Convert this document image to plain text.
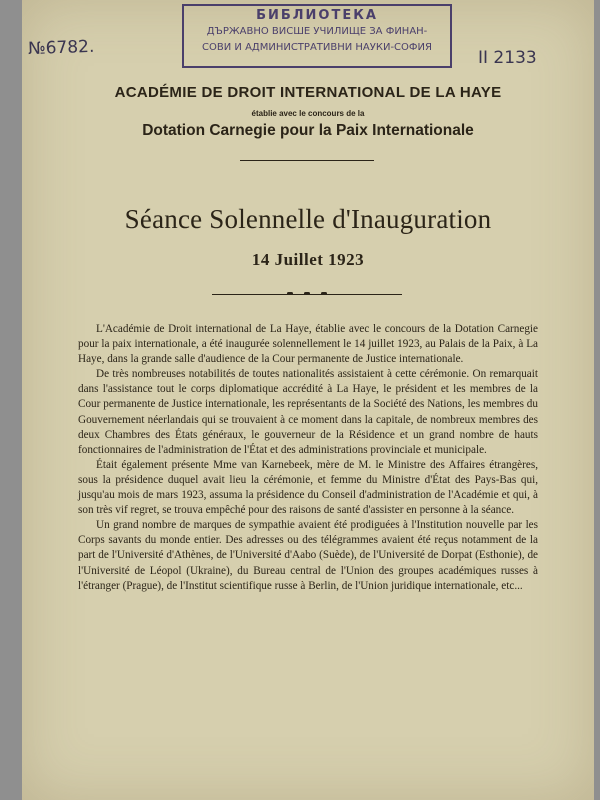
БИБЛИОТЕКА
ДЪРЖАВНО ВИСШЕ УЧИЛИЩЕ ЗА ФИНАН-
СОВИ И АДМИНИСТРАТИВНИ НАУКИ-СОФИЯ
№6782.	II 2133
ACADÉMIE DE DROIT INTERNATIONAL DE LA HAYE
établie avec le concours de la
Dotation Carnegie pour la Paix Internationale
Séance Solennelle d'Inauguration
14 Juillet 1923

L'Académie de Droit international de La Haye, établie avec le concours de la Dotation Carnegie pour la paix internationale, a été inaugurée solennellement le 14 juillet 1923, au Palais de la Paix, à La Haye, dans la grande salle d'audience de la Cour permanente de Justice internationale.

De très nombreuses notabilités de toutes nationalités assistaient à cette cérémonie. On remarquait dans l'assistance tout le corps diplomatique accrédité à La Haye, le président et les membres de la Cour permanente de Justice internationale, les représentants de la Société des Nations, les membres du Gouvernement néerlandais qui se trouvaient à ce moment dans la capitale, de nombreux membres des deux Chambres des États généraux, le gouverneur de la Résidence et un grand nombre de hauts fonctionnaires de l'administration de l'État et des administrations provinciale et municipale.

Était également présente Mme van Karnebeek, mère de M. le Ministre des Affaires étrangères, sous la présidence duquel avait lieu la cérémonie, et femme du Ministre d'État des Pays-Bas qui, jusqu'au mois de mars 1923, assuma la présidence du Conseil d'administration de l'Académie et qui, à son très vif regret, se trouva empêché pour des raisons de santé d'assister en personne à la séance.

Un grand nombre de marques de sympathie avaient été prodiguées à l'Institution nouvelle par les Corps savants du monde entier. Des adresses ou des télégrammes avaient été reçus notamment de la part de l'Université d'Athènes, de l'Université d'Aabo (Suède), de l'Université de Dorpat (Esthonie), de l'Université de Léopol (Ukraine), du Bureau central de l'Union des groupes académiques russes à l'étranger (Prague), de l'Institut scientifique russe à Berlin, de l'Union juridique internationale, etc...
